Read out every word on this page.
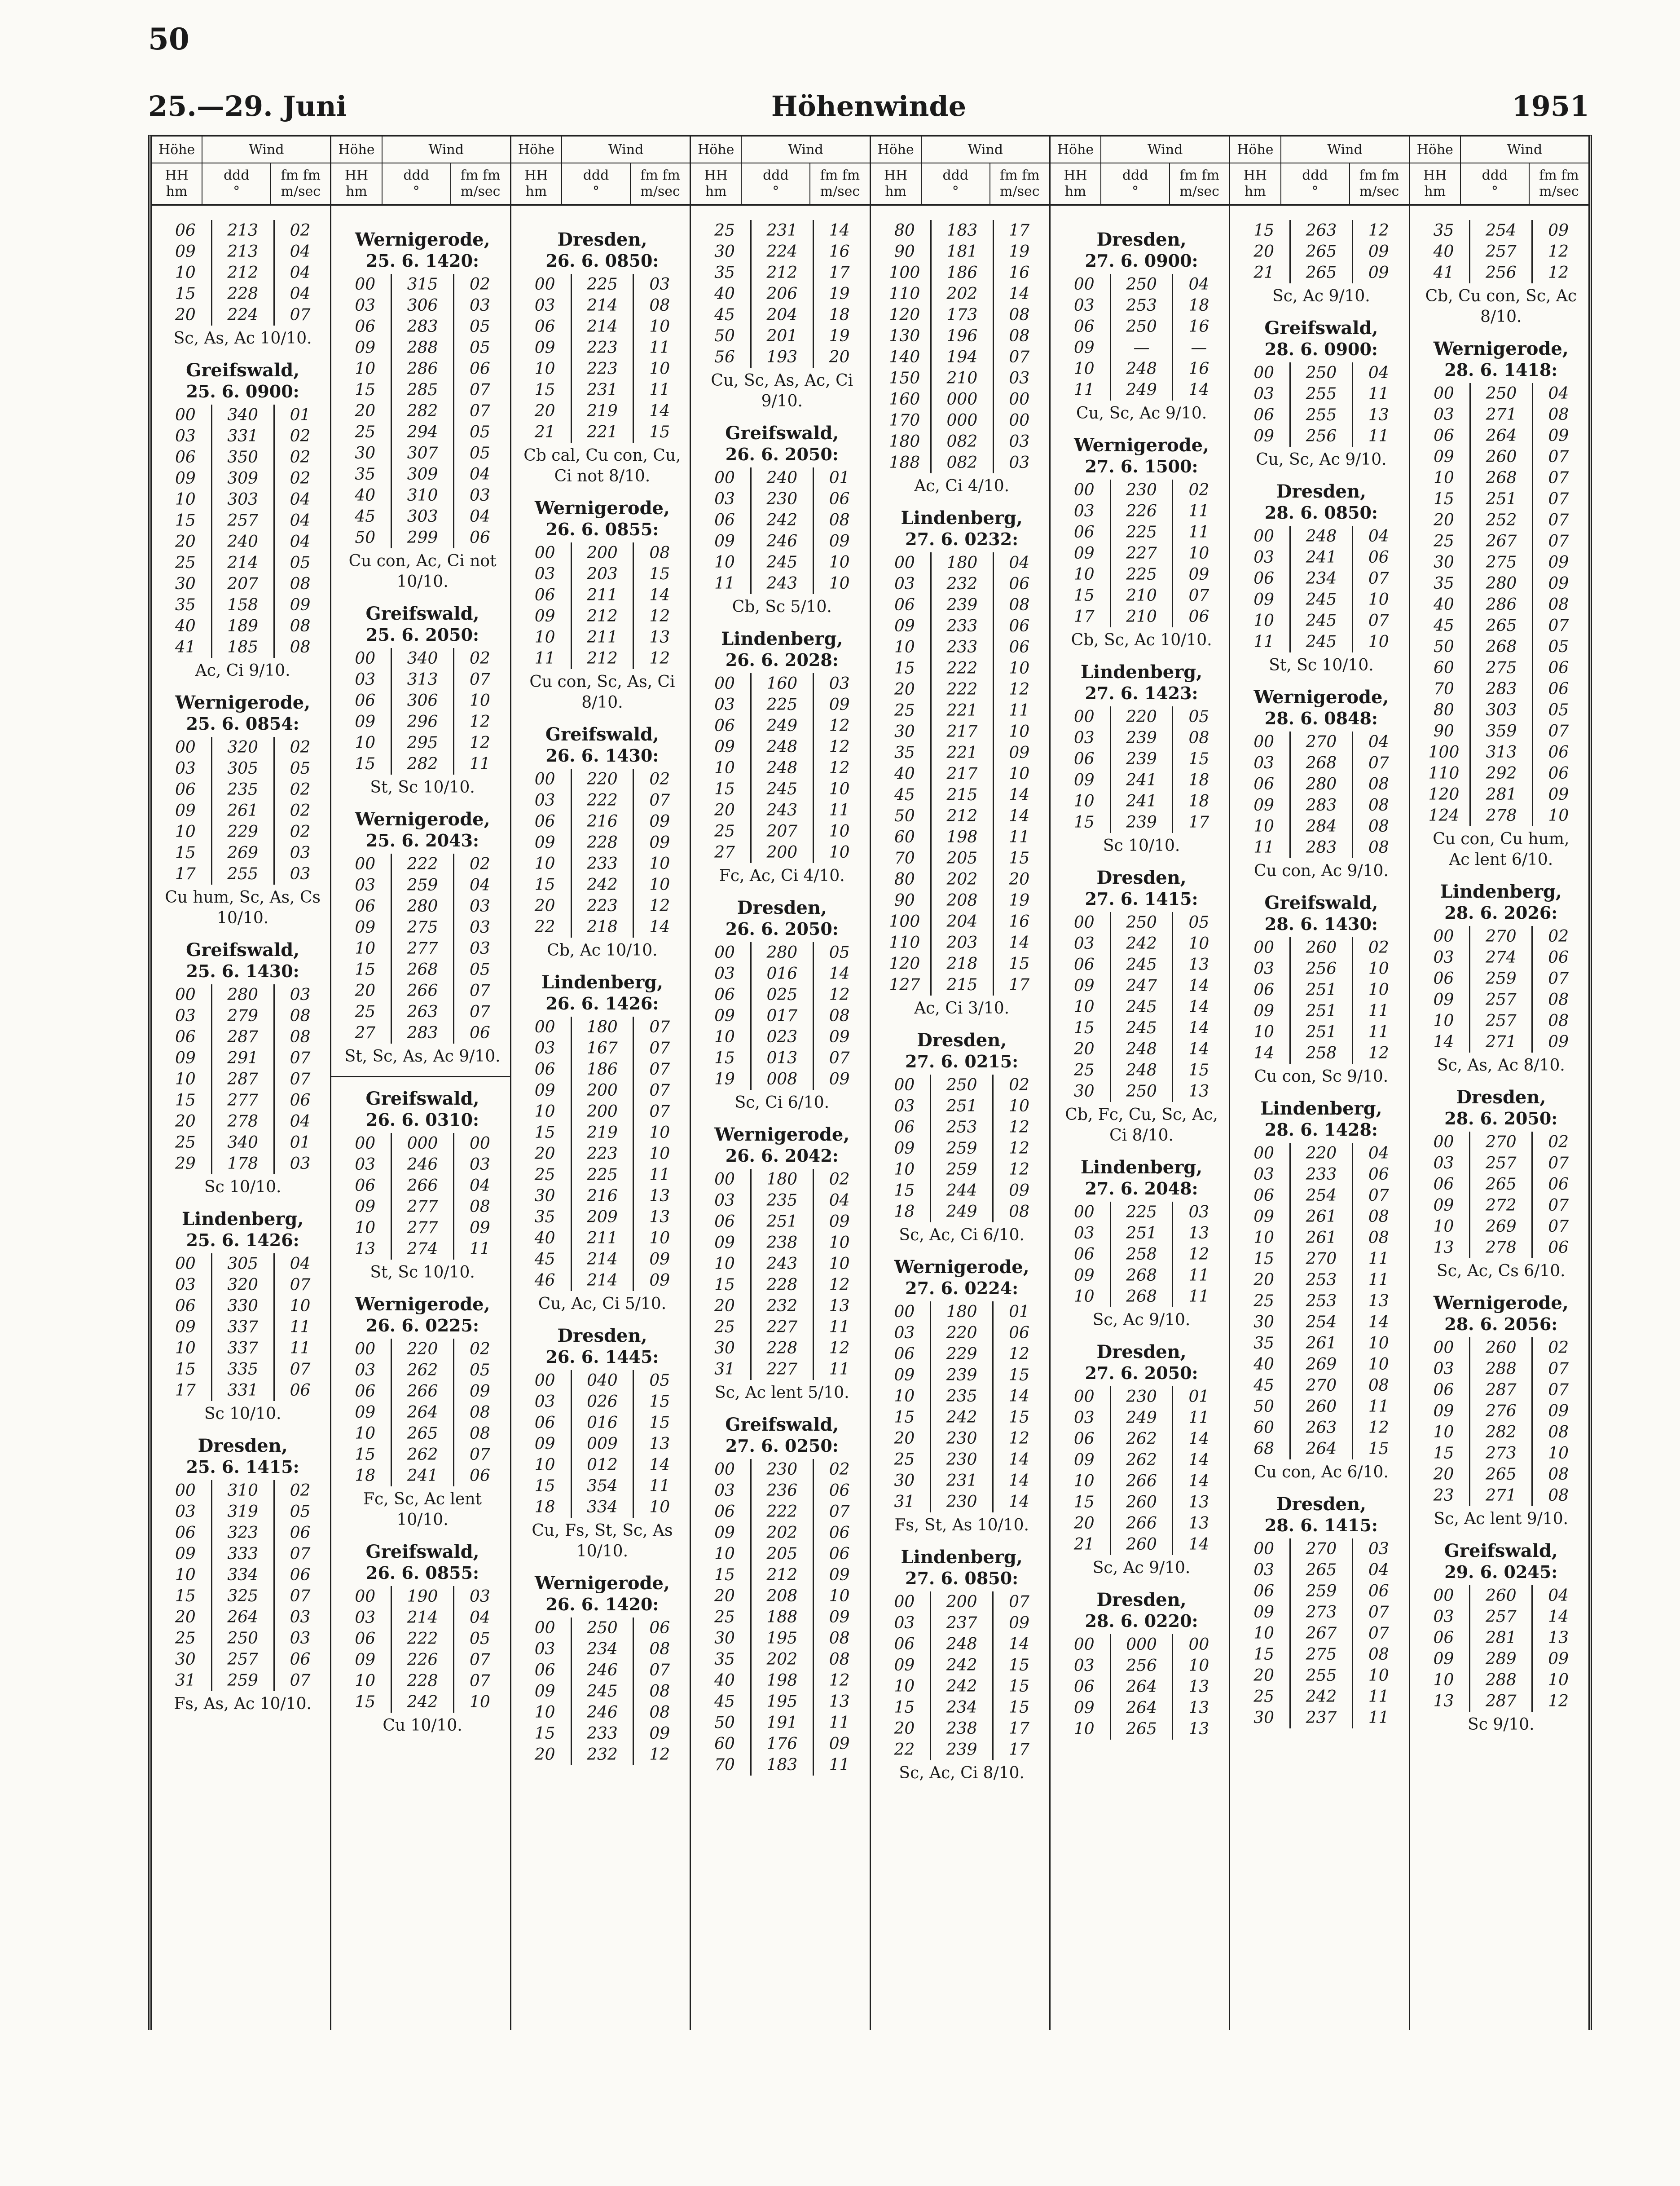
50
Höhenwinde
25.—29. Juni	1951
Höhe	Wind
HH
hm
ddd
°
fm fm
m/sec
06	213	02
09	213	04
10	212	04
15	228	04
20	224	07
Sc, As, Ac 10/10.
Greifswald,
25. 6. 0900:
00	340	01
03	331	02
06	350	02
09	309	02
10	303	04
15	257	04
20	240	04
25	214	05
30	207	08
35	158	09
40	189	08
41	185	08
Ac, Ci 9/10.
Wernigerode,
25. 6. 0854:
00	320	02
03	305	05
06	235	02
09	261	02
10	229	02
15	269	03
17	255	03
Cu hum, Sc, As, Cs 10/10.
Greifswald,
25. 6. 1430:
00	280	03
03	279	08
06	287	08
09	291	07
10	287	07
15	277	06
20	278	04
25	340	01
29	178	03
Sc 10/10.
Lindenberg,
25. 6. 1426:
00	305	04
03	320	07
06	330	10
09	337	11
10	337	11
15	335	07
17	331	06
Sc 10/10.
Dresden,
25. 6. 1415:
00	310	02
03	319	05
06	323	06
09	333	07
10	334	06
15	325	07
20	264	03
25	250	03
30	257	06
31	259	07
Fs, As, Ac 10/10.
Höhe	Wind
HH
hm
ddd
°
fm fm
m/sec
Wernigerode,
25. 6. 1420:
00	315	02
03	306	03
06	283	05
09	288	05
10	286	06
15	285	07
20	282	07
25	294	05
30	307	05
35	309	04
40	310	03
45	303	04
50	299	06
Cu con, Ac, Ci not 10/10.
Greifswald,
25. 6. 2050:
00	340	02
03	313	07
06	306	10
09	296	12
10	295	12
15	282	11
St, Sc 10/10.
Wernigerode,
25. 6. 2043:
00	222	02
03	259	04
06	280	03
09	275	03
10	277	03
15	268	05
20	266	07
25	263	07
27	283	06
St, Sc, As, Ac 9/10.
Greifswald,
26. 6. 0310:
00	000	00
03	246	03
06	266	04
09	277	08
10	277	09
13	274	11
St, Sc 10/10.
Wernigerode,
26. 6. 0225:
00	220	02
03	262	05
06	266	09
09	264	08
10	265	08
15	262	07
18	241	06
Fc, Sc, Ac lent 10/10.
Greifswald,
26. 6. 0855:
00	190	03
03	214	04
06	222	05
09	226	07
10	228	07
15	242	10
Cu 10/10.
Höhe	Wind
HH
hm
ddd
°
fm fm
m/sec
Dresden,
26. 6. 0850:
00	225	03
03	214	08
06	214	10
09	223	11
10	223	10
15	231	11
20	219	14
21	221	15
Cb cal, Cu con, Cu, Ci not 8/10.
Wernigerode,
26. 6. 0855:
00	200	08
03	203	15
06	211	14
09	212	12
10	211	13
11	212	12
Cu con, Sc, As, Ci 8/10.
Greifswald,
26. 6. 1430:
00	220	02
03	222	07
06	216	09
09	228	09
10	233	10
15	242	10
20	223	12
22	218	14
Cb, Ac 10/10.
Lindenberg,
26. 6. 1426:
00	180	07
03	167	07
06	186	07
09	200	07
10	200	07
15	219	10
20	223	10
25	225	11
30	216	13
35	209	13
40	211	10
45	214	09
46	214	09
Cu, Ac, Ci 5/10.
Dresden,
26. 6. 1445:
00	040	05
03	026	15
06	016	15
09	009	13
10	012	14
15	354	11
18	334	10
Cu, Fs, St, Sc, As 10/10.
Wernigerode,
26. 6. 1420:
00	250	06
03	234	08
06	246	07
09	245	08
10	246	08
15	233	09
20	232	12
Höhe	Wind
HH
hm
ddd
°
fm fm
m/sec
25	231	14
30	224	16
35	212	17
40	206	19
45	204	18
50	201	19
56	193	20
Cu, Sc, As, Ac, Ci 9/10.
Greifswald,
26. 6. 2050:
00	240	01
03	230	06
06	242	08
09	246	09
10	245	10
11	243	10
Cb, Sc 5/10.
Lindenberg,
26. 6. 2028:
00	160	03
03	225	09
06	249	12
09	248	12
10	248	12
15	245	10
20	243	11
25	207	10
27	200	10
Fc, Ac, Ci 4/10.
Dresden,
26. 6. 2050:
00	280	05
03	016	14
06	025	12
09	017	08
10	023	09
15	013	07
19	008	09
Sc, Ci 6/10.
Wernigerode,
26. 6. 2042:
00	180	02
03	235	04
06	251	09
09	238	10
10	243	10
15	228	12
20	232	13
25	227	11
30	228	12
31	227	11
Sc, Ac lent 5/10.
Greifswald,
27. 6. 0250:
00	230	02
03	236	06
06	222	07
09	202	06
10	205	06
15	212	09
20	208	10
25	188	09
30	195	08
35	202	08
40	198	12
45	195	13
50	191	11
60	176	09
70	183	11
Höhe	Wind
HH
hm
ddd
°
fm fm
m/sec
80	183	17
90	181	19
100	186	16
110	202	14
120	173	08
130	196	08
140	194	07
150	210	03
160	000	00
170	000	00
180	082	03
188	082	03
Ac, Ci 4/10.
Lindenberg,
27. 6. 0232:
00	180	04
03	232	06
06	239	08
09	233	06
10	233	06
15	222	10
20	222	12
25	221	11
30	217	10
35	221	09
40	217	10
45	215	14
50	212	14
60	198	11
70	205	15
80	202	20
90	208	19
100	204	16
110	203	14
120	218	15
127	215	17
Ac, Ci 3/10.
Dresden,
27. 6. 0215:
00	250	02
03	251	10
06	253	12
09	259	12
10	259	12
15	244	09
18	249	08
Sc, Ac, Ci 6/10.
Wernigerode,
27. 6. 0224:
00	180	01
03	220	06
06	229	12
09	239	15
10	235	14
15	242	15
20	230	12
25	230	14
30	231	14
31	230	14
Fs, St, As 10/10.
Lindenberg,
27. 6. 0850:
00	200	07
03	237	09
06	248	14
09	242	15
10	242	15
15	234	15
20	238	17
22	239	17
Sc, Ac, Ci 8/10.
Höhe	Wind
HH
hm
ddd
°
fm fm
m/sec
Dresden,
27. 6. 0900:
00	250	04
03	253	18
06	250	16
09	—	—
10	248	16
11	249	14
Cu, Sc, Ac 9/10.
Wernigerode,
27. 6. 1500:
00	230	02
03	226	11
06	225	11
09	227	10
10	225	09
15	210	07
17	210	06
Cb, Sc, Ac 10/10.
Lindenberg,
27. 6. 1423:
00	220	05
03	239	08
06	239	15
09	241	18
10	241	18
15	239	17
Sc 10/10.
Dresden,
27. 6. 1415:
00	250	05
03	242	10
06	245	13
09	247	14
10	245	14
15	245	14
20	248	14
25	248	15
30	250	13
Cb, Fc, Cu, Sc, Ac, Ci 8/10.
Lindenberg,
27. 6. 2048:
00	225	03
03	251	13
06	258	12
09	268	11
10	268	11
Sc, Ac 9/10.
Dresden,
27. 6. 2050:
00	230	01
03	249	11
06	262	14
09	262	14
10	266	14
15	260	13
20	266	13
21	260	14
Sc, Ac 9/10.
Dresden,
28. 6. 0220:
00	000	00
03	256	10
06	264	13
09	264	13
10	265	13
Höhe	Wind
HH
hm
ddd
°
fm fm
m/sec
15	263	12
20	265	09
21	265	09
Sc, Ac 9/10.
Greifswald,
28. 6. 0900:
00	250	04
03	255	11
06	255	13
09	256	11
Cu, Sc, Ac 9/10.
Dresden,
28. 6. 0850:
00	248	04
03	241	06
06	234	07
09	245	10
10	245	07
11	245	10
St, Sc 10/10.
Wernigerode,
28. 6. 0848:
00	270	04
03	268	07
06	280	08
09	283	08
10	284	08
11	283	08
Cu con, Ac 9/10.
Greifswald,
28. 6. 1430:
00	260	02
03	256	10
06	251	10
09	251	11
10	251	11
14	258	12
Cu con, Sc 9/10.
Lindenberg,
28. 6. 1428:
00	220	04
03	233	06
06	254	07
09	261	08
10	261	08
15	270	11
20	253	11
25	253	13
30	254	14
35	261	10
40	269	10
45	270	08
50	260	11
60	263	12
68	264	15
Cu con, Ac 6/10.
Dresden,
28. 6. 1415:
00	270	03
03	265	04
06	259	06
09	273	07
10	267	07
15	275	08
20	255	10
25	242	11
30	237	11
Höhe	Wind
HH
hm
ddd
°
fm fm
m/sec
35	254	09
40	257	12
41	256	12
Cb, Cu con, Sc, Ac 8/10.
Wernigerode,
28. 6. 1418:
00	250	04
03	271	08
06	264	09
09	260	07
10	268	07
15	251	07
20	252	07
25	267	07
30	275	09
35	280	09
40	286	08
45	265	07
50	268	05
60	275	06
70	283	06
80	303	05
90	359	07
100	313	06
110	292	06
120	281	09
124	278	10
Cu con, Cu hum, Ac lent 6/10.
Lindenberg,
28. 6. 2026:
00	270	02
03	274	06
06	259	07
09	257	08
10	257	08
14	271	09
Sc, As, Ac 8/10.
Dresden,
28. 6. 2050:
00	270	02
03	257	07
06	265	06
09	272	07
10	269	07
13	278	06
Sc, Ac, Cs 6/10.
Wernigerode,
28. 6. 2056:
00	260	02
03	288	07
06	287	07
09	276	09
10	282	08
15	273	10
20	265	08
23	271	08
Sc, Ac lent 9/10.
Greifswald,
29. 6. 0245:
00	260	04
03	257	14
06	281	13
09	289	09
10	288	10
13	287	12
Sc 9/10.
